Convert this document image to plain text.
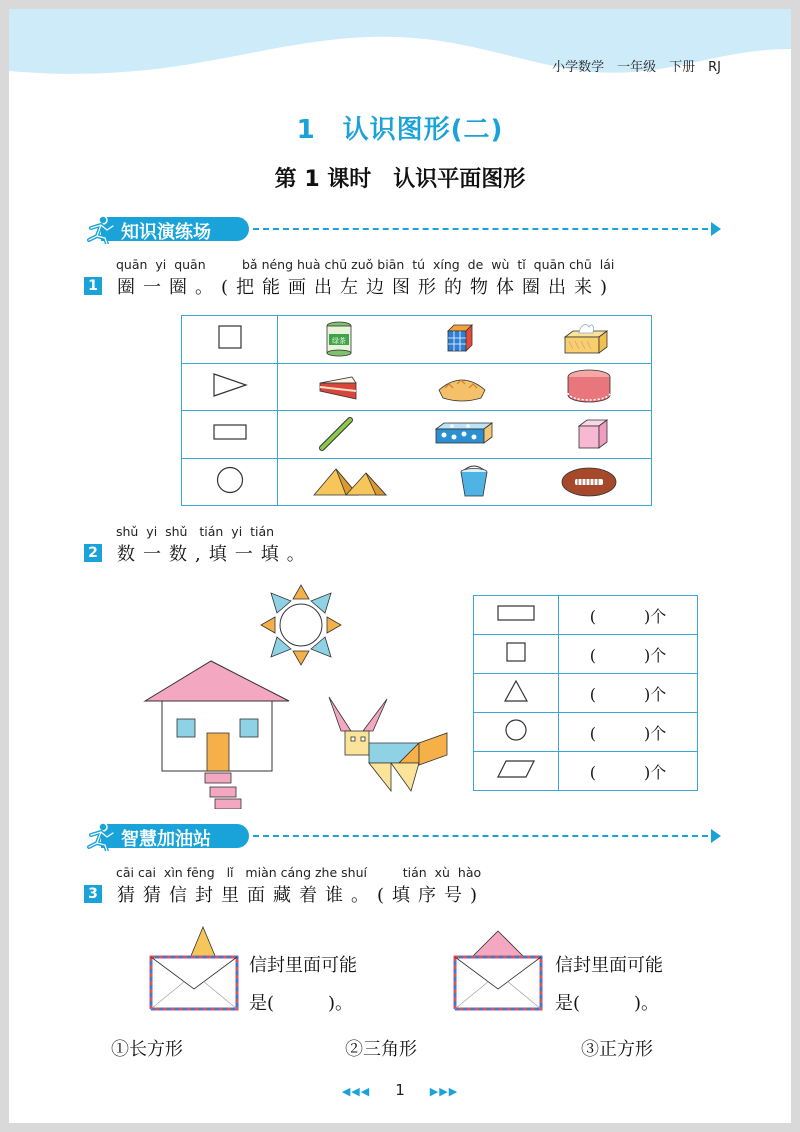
小学数学　一年级　下册　RJ
1　认识图形(二)
第 1 课时　认识平面图形
知识演练场
quān  yi  quān	bǎ néng huà chū zuǒ biān  tú  xíng  de  wù  tǐ  quān chū  lái
1 圈一圈。(把能画出左边图形的物体圈出来)

绿茶

shǔ  yi  shǔ   tián  yi  tián
2 数一数,填一填。
	(　　　)个
	(　　　)个
	(　　　)个
	(　　　)个
	(　　　)个
智慧加油站
cāi cai  xìn fēng   lǐ   miàn cáng zhe shuí         tián  xù  hào
3 猜猜信封里面藏着谁。(填序号)
信封里面可能
是(　　　)。
信封里面可能
是(　　　)。
①长方形	②三角形	③正方形
◀◀◀ 1 ▶▶▶
